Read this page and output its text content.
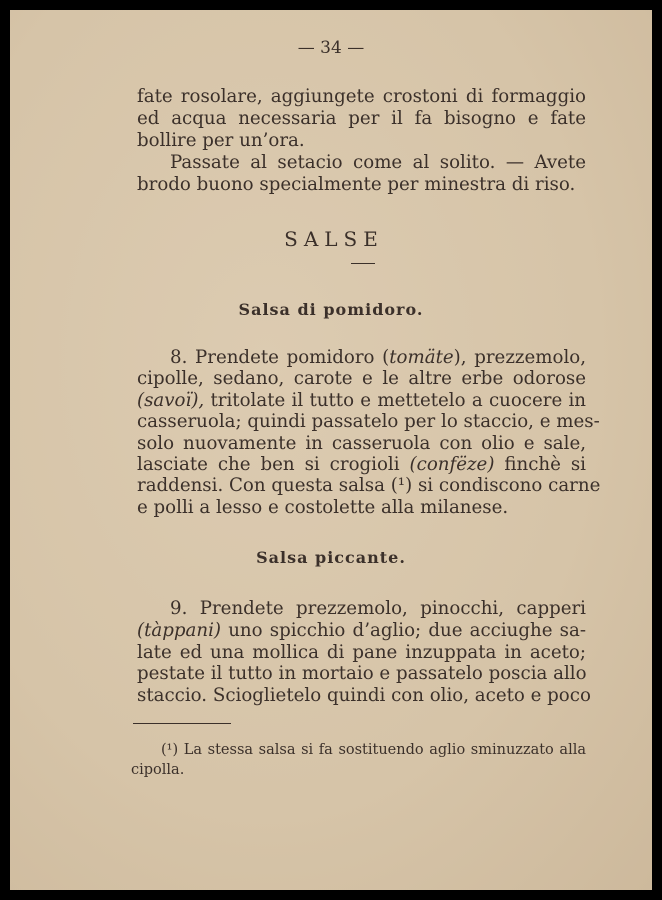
— 34 —
fate rosolare, aggiungete crostoni di formaggio
ed acqua necessaria per il fa bisogno e fate
bollire per un’ora.
Passate al setacio come al solito. — Avete
brodo buono specialmente per minestra di riso.
SALSE
Salsa di pomidoro.
8. Prendete pomidoro (tomäte), prezzemolo,
cipolle, sedano, carote e le altre erbe odorose
(savoï), tritolate il tutto e mettetelo a cuocere in
casseruola; quindi passatelo per lo staccio, e mes-
solo nuovamente in casseruola con olio e sale,
lasciate che ben si crogioli (confëze) finchè si
raddensi. Con questa salsa (¹) si condiscono carne
e polli a lesso e costolette alla milanese.
Salsa piccante.
9. Prendete prezzemolo, pinocchi, capperi
(tàppani) uno spicchio d’aglio; due acciughe sa-
late ed una mollica di pane inzuppata in aceto;
pestate il tutto in mortaio e passatelo poscia allo
staccio. Scioglietelo quindi con olio, aceto e poco
(¹) La stessa salsa si fa sostituendo aglio sminuzzato alla
cipolla.
